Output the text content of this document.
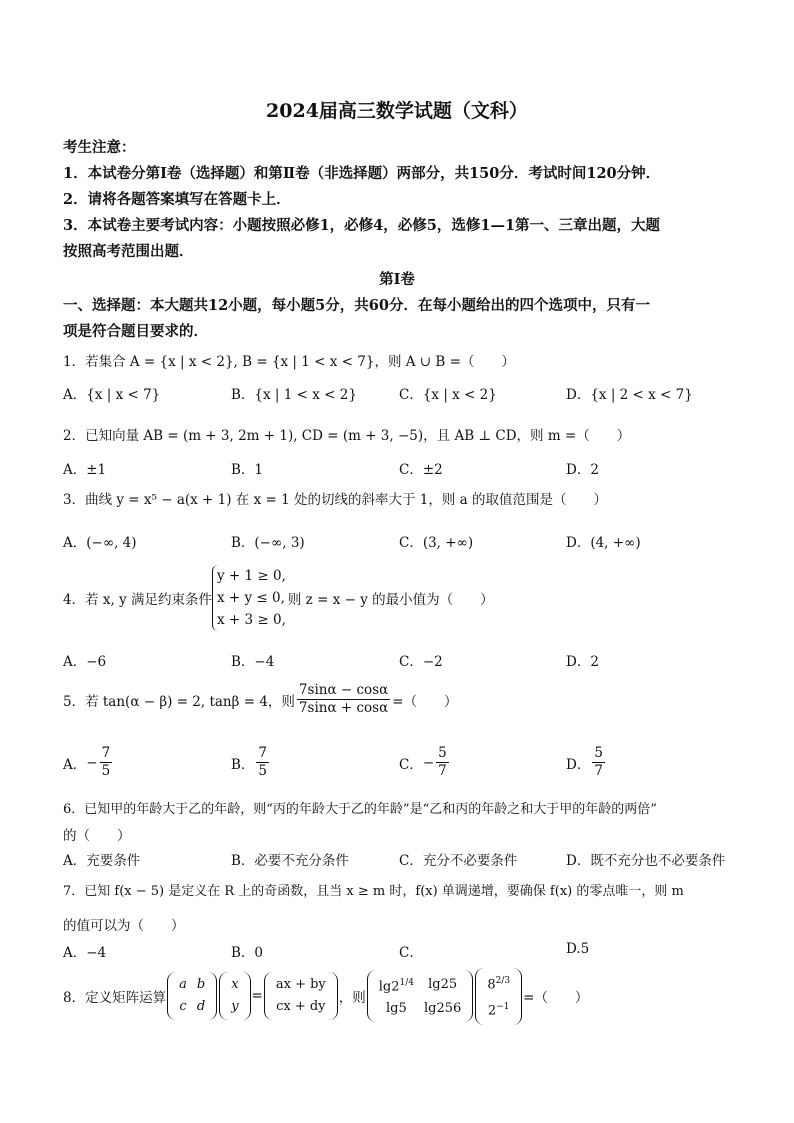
2024届高三数学试题（文科）
考生注意：
1．本试卷分第Ⅰ卷（选择题）和第Ⅱ卷（非选择题）两部分，共150分．考试时间120分钟．
2．请将各题答案填写在答题卡上．
3．本试卷主要考试内容：小题按照必修1，必修4，必修5，选修1—1第一、三章出题，大题
按照高考范围出题．
第Ⅰ卷
一、选择题：本大题共12小题，每小题5分，共60分．在每小题给出的四个选项中，只有一
项是符合题目要求的．
1．若集合 A = {x | x < 2}, B = {x | 1 < x < 7}，则 A ∪ B =（　　）
A．{x | x < 7}	B．{x | 1 < x < 2}	C．{x | x < 2}	D．{x | 2 < x < 7}
2．已知向量 AB = (m + 3, 2m + 1), CD = (m + 3, −5)，且 AB ⊥ CD，则 m =（　　）
A．±1	B．1	C．±2	D．2
3．曲线 y = x⁵ − a(x + 1) 在 x = 1 处的切线的斜率大于 1，则 a 的取值范围是（　　）
A．(−∞, 4)	B．(−∞, 3)	C．(3, +∞)	D．(4, +∞)
4．若 x, y 满足约束条件
y + 1 ≥ 0,
x + y ≤ 0,
x + 3 ≥ 0,
则 z = x − y 的最小值为（　　）
A．−6	B．−4	C．−2	D．2
5．若 tan(α − β) = 2, tanβ = 4，则 $\frac{7\sin\alpha - \cos\alpha}{7\sin\alpha + \cos\alpha}$ =（　　）
A． − $\frac{7}{5}$	B． $\frac{7}{5}$	C． − $\frac{5}{7}$	D． $\frac{5}{7}$
6．已知甲的年龄大于乙的年龄，则“丙的年龄大于乙的年龄”是“乙和丙的年龄之和大于甲的年龄的两倍”
的（　　）
A．充要条件	B．必要不充分条件	C．充分不必要条件	D．既不充分也不必要条件
7．已知 f(x − 5) 是定义在 R 上的奇函数，且当 x ≥ m 时，f(x) 单调递增，要确保 f(x) 的零点唯一，则 m
的值可以为（　　）
A．−4	B．0	C．	D.5
8．定义矩阵运算
a	b
c	d
x
y
=
ax + by
cx + dy
，则
$\lg 2^{1/4}$	lg25
lg5	lg256
$8^{2/3}$
$2^{-1}$
=（　　）
